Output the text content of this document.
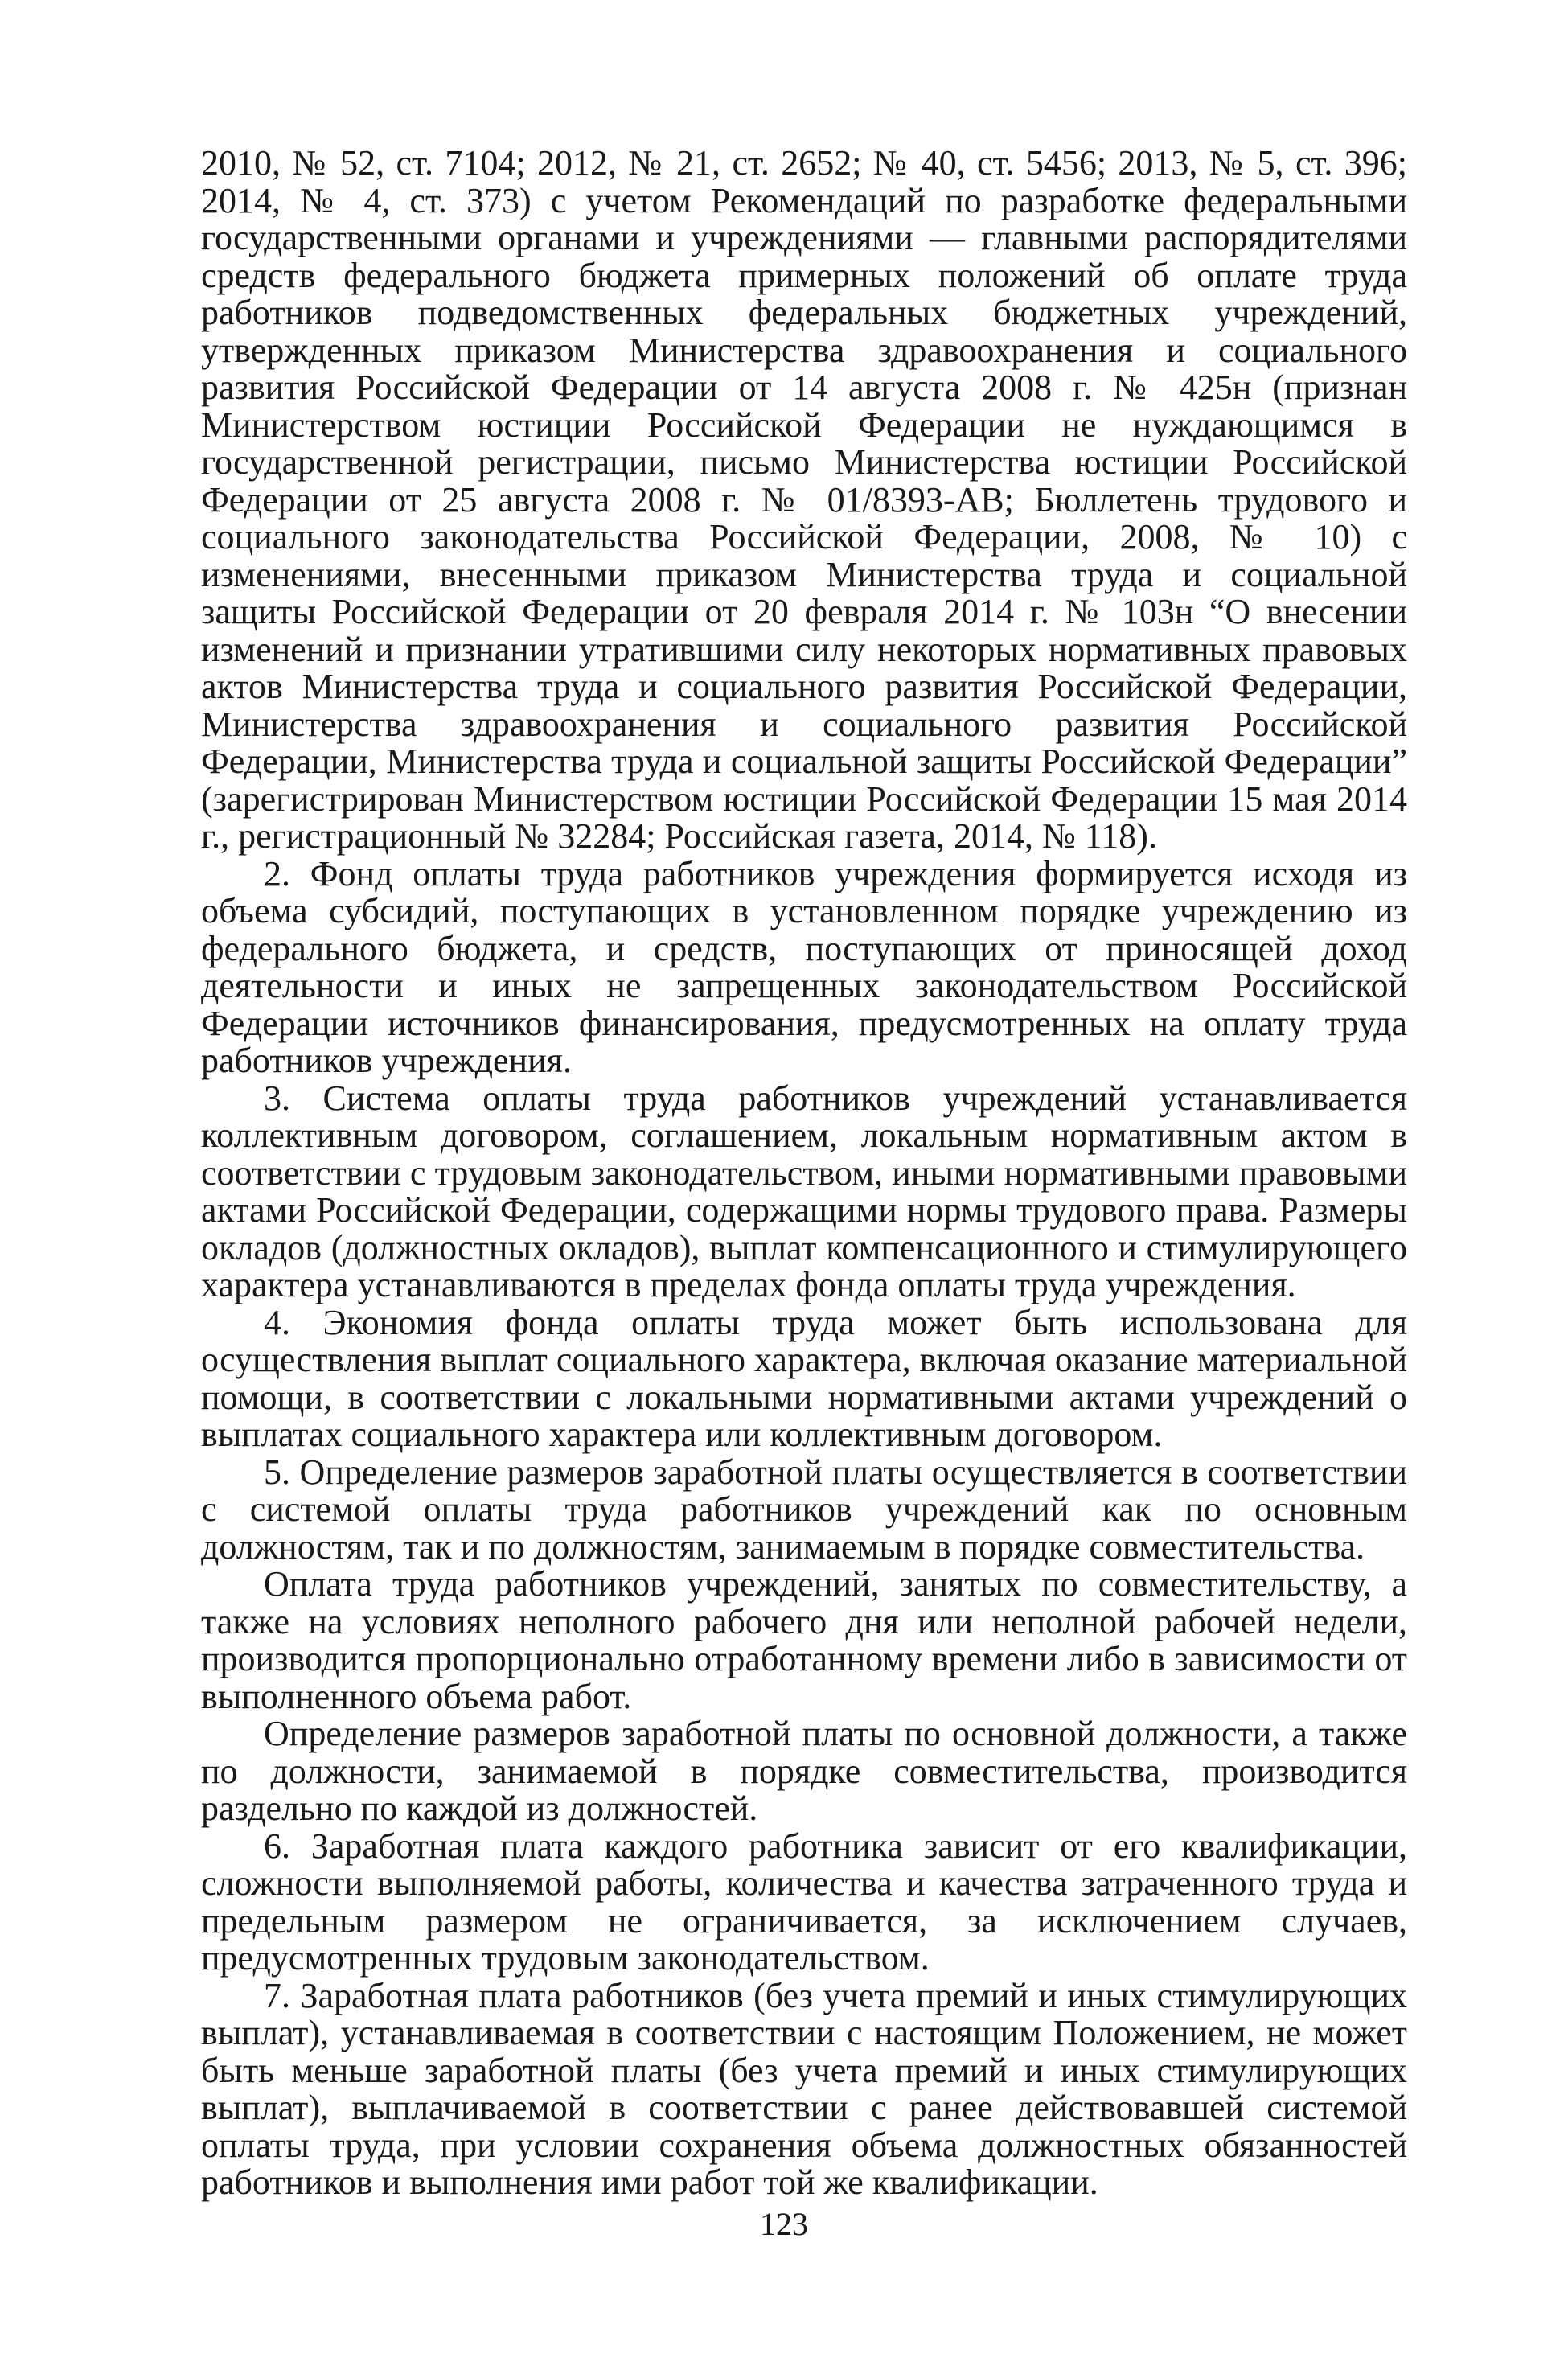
2010, № 52, ст. 7104; 2012, № 21, ст. 2652; № 40, ст. 5456; 2013, № 5, ст. 396; 2014, № 4, ст. 373) с учетом Рекомендаций по разработке федеральными государственными органами и учреждениями — главными распорядителями средств федерального бюджета примерных положений об оплате труда работников подведомственных федеральных бюджетных учреждений, утвержденных приказом Министерства здравоохранения и социального развития Российской Федерации от 14 августа 2008 г. № 425н (признан Министерством юстиции Российской Федерации не нуждающимся в государственной регистрации, письмо Министерства юстиции Российской Федерации от 25 августа 2008 г. № 01/8393-АВ; Бюллетень трудового и социального законодательства Российской Федерации, 2008, № 10) с изменениями, внесенными приказом Министерства труда и социальной защиты Российской Федерации от 20 февраля 2014 г. № 103н “О внесении изменений и признании утратившими силу некоторых нормативных правовых актов Министерства труда и социального развития Российской Федерации, Министерства здравоохранения и социального развития Российской Федерации, Министерства труда и социальной защиты Российской Федерации” (зарегистрирован Министерством юстиции Российской Федерации 15 мая 2014 г., регистрационный № 32284; Российская газета, 2014, № 118).

2. Фонд оплаты труда работников учреждения формируется исходя из объема субсидий, поступающих в установленном порядке учреждению из федерального бюджета, и средств, поступающих от приносящей доход деятельности и иных не запрещенных законодательством Российской Федерации источников финансирования, предусмотренных на оплату труда работников учреждения.

3. Система оплаты труда работников учреждений устанавливается коллективным договором, соглашением, локальным нормативным актом в соответствии с трудовым законодательством, иными нормативными правовыми актами Российской Федерации, содержащими нормы трудового права. Размеры окладов (должностных окладов), выплат компенсационного и стимулирующего характера устанавливаются в пределах фонда оплаты труда учреждения.

4. Экономия фонда оплаты труда может быть использована для осуществления выплат социального характера, включая оказание материальной помощи, в соответствии с локальными нормативными актами учреждений о выплатах социального характера или коллективным договором.

5. Определение размеров заработной платы осуществляется в соответствии с системой оплаты труда работников учреждений как по основным должностям, так и по должностям, занимаемым в порядке совместительства.

Оплата труда работников учреждений, занятых по совместительству, а также на условиях неполного рабочего дня или неполной рабочей недели, производится пропорционально отработанному времени либо в зависимости от выполненного объема работ.

Определение размеров заработной платы по основной должности, а также по должности, занимаемой в порядке совместительства, производится раздельно по каждой из должностей.

6. Заработная плата каждого работника зависит от его квалификации, сложности выполняемой работы, количества и качества затраченного труда и предельным размером не ограничивается, за исключением случаев, предусмотренных трудовым законодательством.

7. Заработная плата работников (без учета премий и иных стимулирующих выплат), устанавливаемая в соответствии с настоящим Положением, не может быть меньше заработной платы (без учета премий и иных стимулирующих выплат), выплачиваемой в соответствии с ранее действовавшей системой оплаты труда, при условии сохранения объема должностных обязанностей работников и выполнения ими работ той же квалификации.

123
